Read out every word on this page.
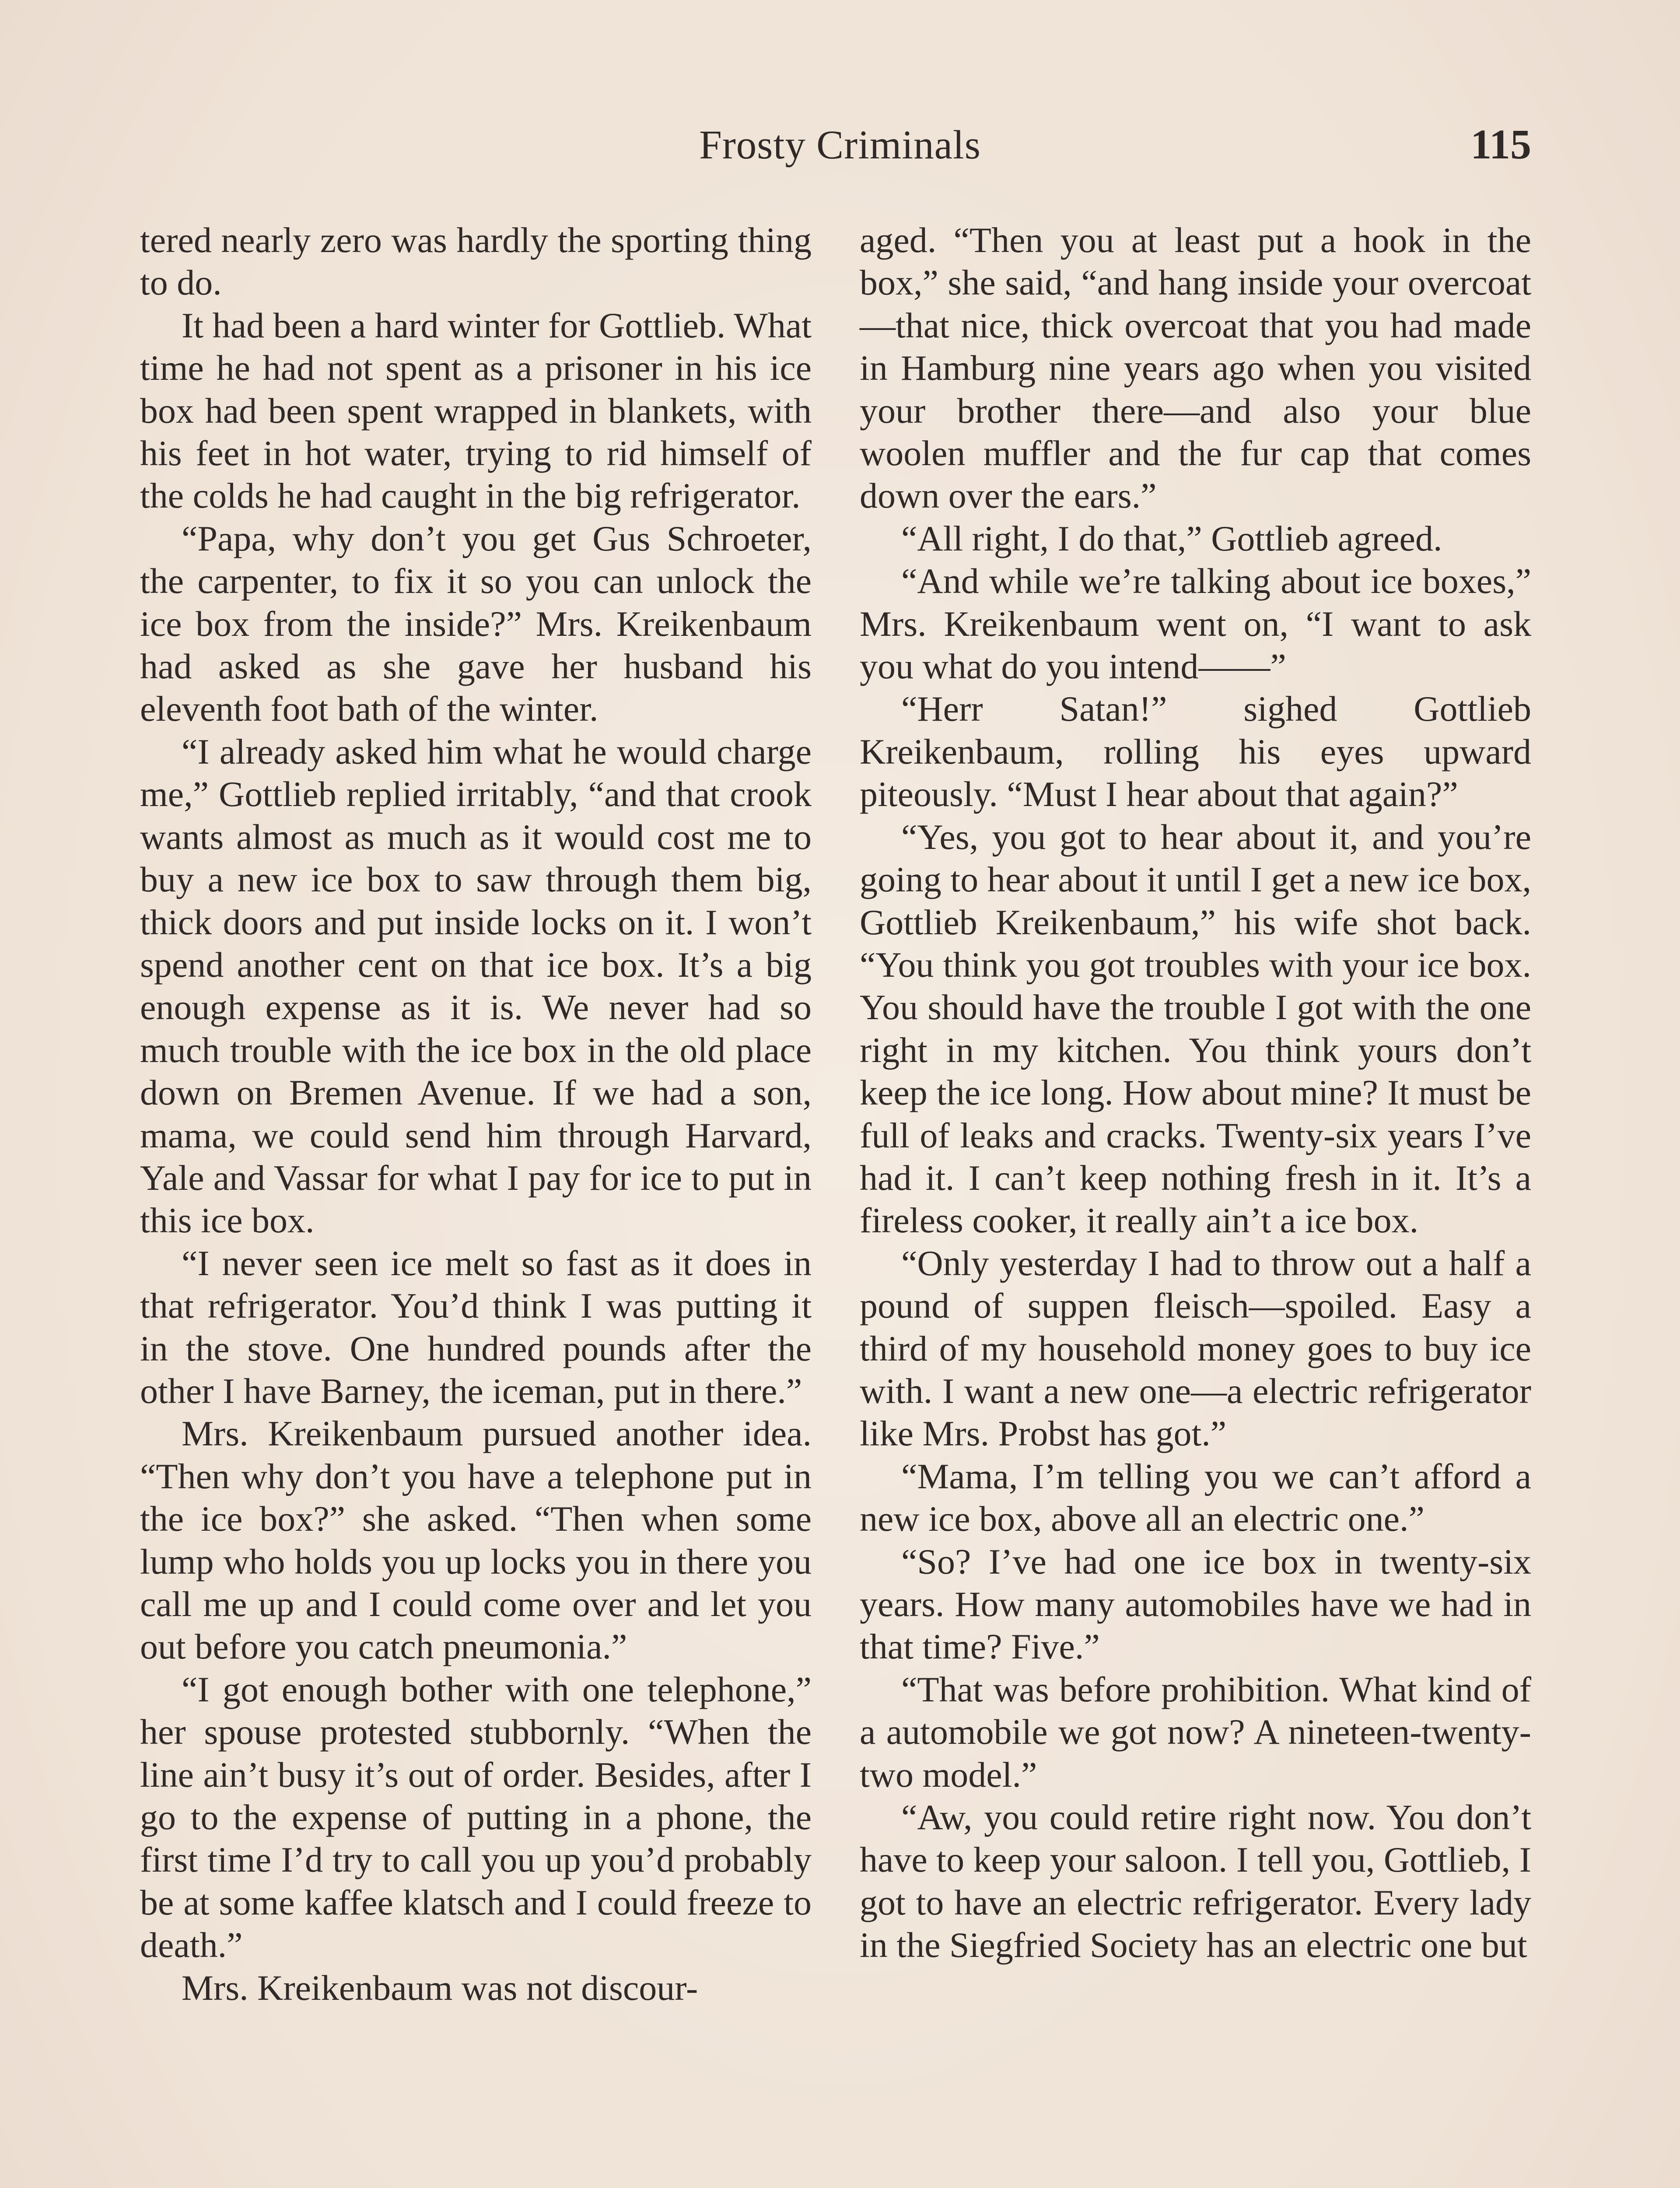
Frosty Criminals	115

tered nearly zero was hardly the sporting thing to do.

It had been a hard winter for Gottlieb. What time he had not spent as a prisoner in his ice box had been spent wrapped in blankets, with his feet in hot water, trying to rid himself of the colds he had caught in the big refrigerator.

“Papa, why don’t you get Gus Schroeter, the carpenter, to fix it so you can unlock the ice box from the inside?” Mrs. Kreikenbaum had asked as she gave her husband his eleventh foot bath of the winter.

“I already asked him what he would charge me,” Gottlieb replied irritably, “and that crook wants almost as much as it would cost me to buy a new ice box to saw through them big, thick doors and put inside locks on it. I won’t spend another cent on that ice box. It’s a big enough expense as it is. We never had so much trouble with the ice box in the old place down on Bremen Avenue. If we had a son, mama, we could send him through Harvard, Yale and Vassar for what I pay for ice to put in this ice box.

“I never seen ice melt so fast as it does in that refrigerator. You’d think I was putting it in the stove. One hundred pounds after the other I have Barney, the iceman, put in there.”

Mrs. Kreikenbaum pursued another idea. “Then why don’t you have a telephone put in the ice box?” she asked. “Then when some lump who holds you up locks you in there you call me up and I could come over and let you out before you catch pneumonia.”

“I got enough bother with one telephone,” her spouse protested stubbornly. “When the line ain’t busy it’s out of order. Besides, after I go to the expense of putting in a phone, the first time I’d try to call you up you’d probably be at some kaffee klatsch and I could freeze to death.”

Mrs. Kreikenbaum was not discour-

aged. “Then you at least put a hook in the box,” she said, “and hang inside your overcoat—that nice, thick overcoat that you had made in Hamburg nine years ago when you visited your brother there—and also your blue woolen muffler and the fur cap that comes down over the ears.”

“All right, I do that,” Gottlieb agreed.

“And while we’re talking about ice boxes,” Mrs. Kreikenbaum went on, “I want to ask you what do you intend——”

“Herr Satan!” sighed Gottlieb Kreikenbaum, rolling his eyes upward piteously. “Must I hear about that again?”

“Yes, you got to hear about it, and you’re going to hear about it until I get a new ice box, Gottlieb Kreikenbaum,” his wife shot back. “You think you got troubles with your ice box. You should have the trouble I got with the one right in my kitchen. You think yours don’t keep the ice long. How about mine? It must be full of leaks and cracks. Twenty-six years I’ve had it. I can’t keep nothing fresh in it. It’s a fireless cooker, it really ain’t a ice box.

“Only yesterday I had to throw out a half a pound of suppen fleisch—spoiled. Easy a third of my household money goes to buy ice with. I want a new one—a electric refrigerator like Mrs. Probst has got.”

“Mama, I’m telling you we can’t afford a new ice box, above all an electric one.”

“So? I’ve had one ice box in twenty-six years. How many automobiles have we had in that time? Five.”

“That was before prohibition. What kind of a automobile we got now? A nineteen-twenty-two model.”

“Aw, you could retire right now. You don’t have to keep your saloon. I tell you, Gottlieb, I got to have an electric refrigerator. Every lady in the Siegfried Society has an electric one but
